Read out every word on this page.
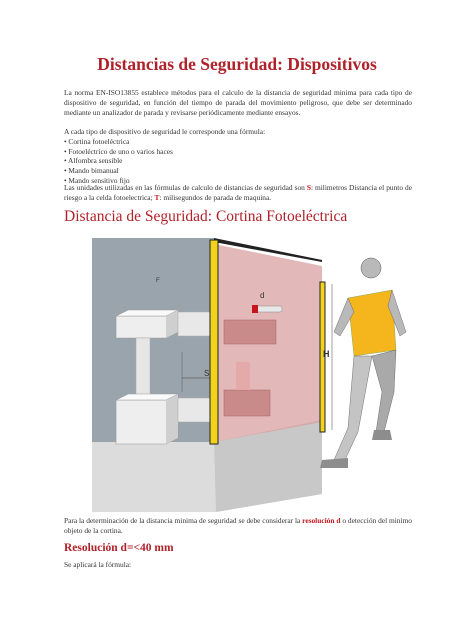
Distancias de Seguridad: Dispositivos
La norma EN-ISO13855 establece métodos para el calculo de la distancia de seguridad minima para cada tipo de dispositivo de seguridad, en función del tiempo de parada del movimiento peligroso, que debe ser determinado mediante un analizador de parada y revisarse periódicamente mediante ensayos.
A cada tipo de dispositivo de seguridad le corresponde una fórmula:
• Cortina fotoeléctrica
• Fotoeléctrico de uno o varios haces
• Alfombra sensible
• Mando bimanual
• Mando sensitivo fijo
Las unidades utilizadas en las fórmulas de calculo de distancias de seguridad son S: milimetros Distancia el punto de riesgo a la celda fotoelectrica; T: milisegundos de parada de maquina.
Distancia de Seguridad: Cortina Fotoeléctrica
S
d
F
H
Para la determinación de la distancia minima de seguridad se debe considerar la resolución d o detección del minimo objeto de la cortina.
Resolución d=<40 mm
Se aplicará la fórmula:
